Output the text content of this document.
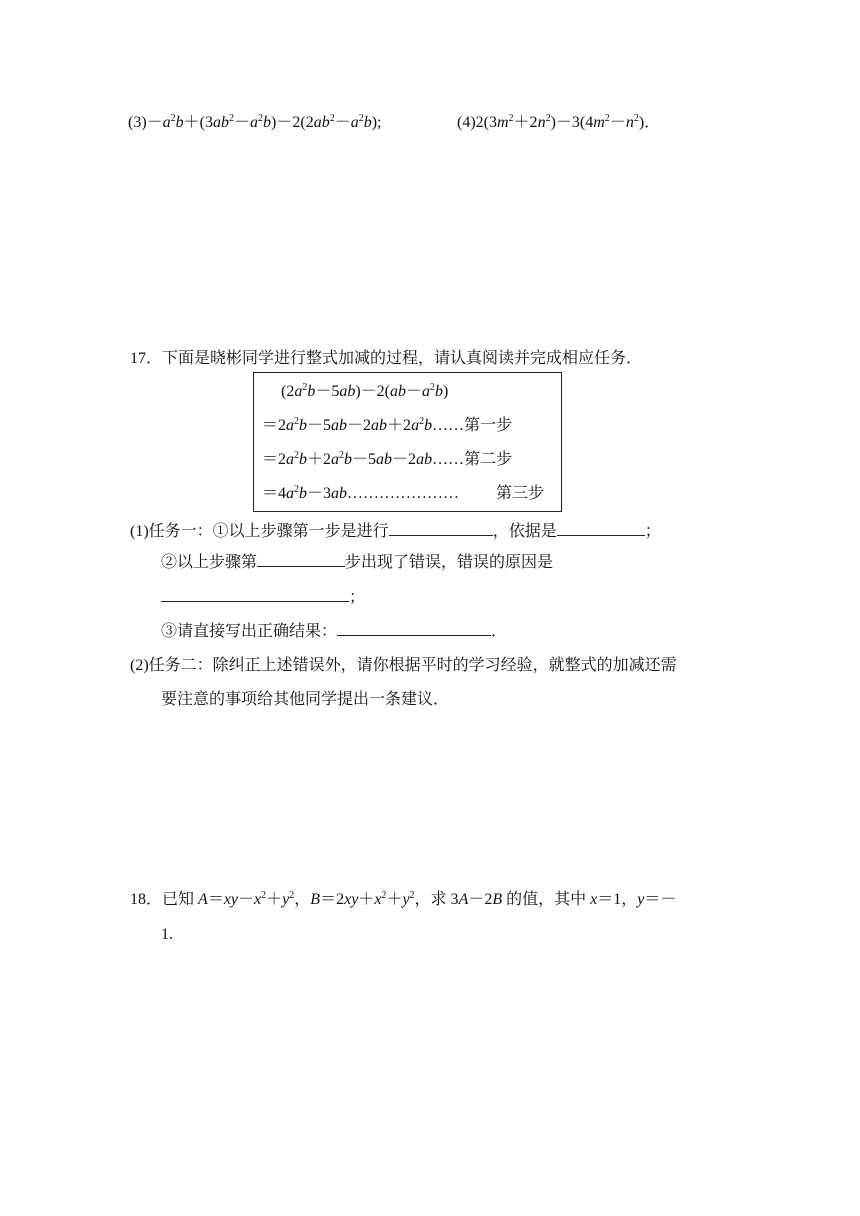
$(3)-a^2b+(3ab^2-a^2b)-2(2ab^2-a^2b)$;	$(4)2(3m^2+2n^2)-3(4m^2-n^2)$．
17．下面是晓彬同学进行整式加减的过程，请认真阅读并完成相应任务．
$(2a^2b-5ab)-2(ab-a^2b)$
$=2a^2b-5ab-2ab+2a^2b\dots\dots$第一步
$=2a^2b+2a^2b-5ab-2ab\dots\dots$第二步
$=4a^2b-3ab\dots\dots\dots\dots\dots\dots\dots$ 第三步
(1)任务一：①以上步骤第一步是进行	，依据是	；
②以上步骤第	步出现了错误，错误的原因是
；
③请直接写出正确结果：	．
(2)任务二：除纠正上述错误外，请你根据平时的学习经验，就整式的加减还需
要注意的事项给其他同学提出一条建议．
18．已知 $A=xy-x^2+y^2$，$B=2xy+x^2+y^2$，求 3A－2B 的值，其中 x＝1，y＝－
1.
